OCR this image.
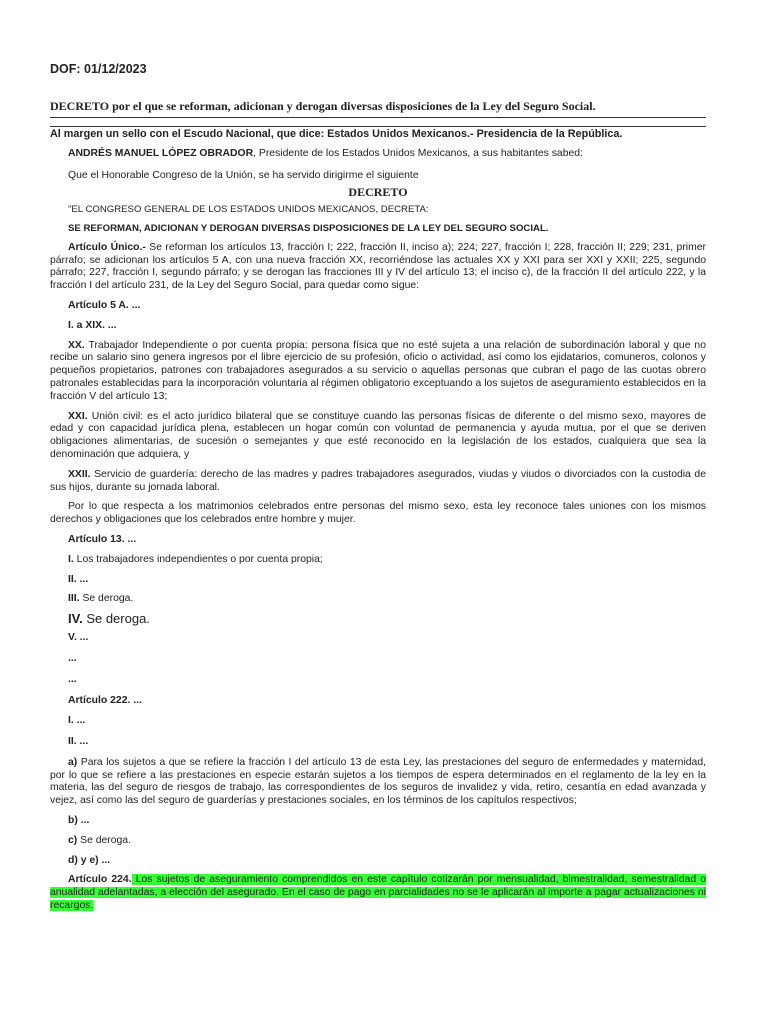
DOF: 01/12/2023
DECRETO por el que se reforman, adicionan y derogan diversas disposiciones de la Ley del Seguro Social.

Al margen un sello con el Escudo Nacional, que dice: Estados Unidos Mexicanos.- Presidencia de la República.

ANDRÉS MANUEL LÓPEZ OBRADOR, Presidente de los Estados Unidos Mexicanos, a sus habitantes sabed:

Que el Honorable Congreso de la Unión, se ha servido dirigirme el siguiente

DECRETO

"EL CONGRESO GENERAL DE LOS ESTADOS UNIDOS MEXICANOS, DECRETA:

SE REFORMAN, ADICIONAN Y DEROGAN DIVERSAS DISPOSICIONES DE LA LEY DEL SEGURO SOCIAL.

Artículo Único.- Se reforman los artículos 13, fracción I; 222, fracción II, inciso a); 224; 227, fracción I; 228, fracción II; 229; 231, primer párrafo; se adicionan los artículos 5 A, con una nueva fracción XX, recorriéndose las actuales XX y XXI para ser XXI y XXII; 225, segundo párrafo; 227, fracción I, segundo párrafo; y se derogan las fracciones III y IV del artículo 13; el inciso c), de la fracción II del artículo 222, y la fracción I del artículo 231, de la Ley del Seguro Social, para quedar como sigue:

Artículo 5 A. ...

I. a XIX. ...

XX. Trabajador Independiente o por cuenta propia: persona física que no esté sujeta a una relación de subordinación laboral y que no recibe un salario sino genera ingresos por el libre ejercicio de su profesión, oficio o actividad, así como los ejidatarios, comuneros, colonos y pequeños propietarios, patrones con trabajadores asegurados a su servicio o aquellas personas que cubran el pago de las cuotas obrero patronales establecidas para la incorporación voluntaria al régimen obligatorio exceptuando a los sujetos de aseguramiento establecidos en la fracción V del artículo 13;

XXI. Unión civil: es el acto jurídico bilateral que se constituye cuando las personas físicas de diferente o del mismo sexo, mayores de edad y con capacidad jurídica plena, establecen un hogar común con voluntad de permanencia y ayuda mutua, por el que se deriven obligaciones alimentarias, de sucesión o semejantes y que esté reconocido en la legislación de los estados, cualquiera que sea la denominación que adquiera, y

XXII. Servicio de guardería: derecho de las madres y padres trabajadores asegurados, viudas y viudos o divorciados con la custodia de sus hijos, durante su jornada laboral.

Por lo que respecta a los matrimonios celebrados entre personas del mismo sexo, esta ley reconoce tales uniones con los mismos derechos y obligaciones que los celebrados entre hombre y mujer.

Artículo 13. ...

I. Los trabajadores independientes o por cuenta propia;

II. ...

III. Se deroga.

IV. Se deroga.

V. ...

...

...

Artículo 222. ...

I. ...

II. ...

a) Para los sujetos a que se refiere la fracción I del artículo 13 de esta Ley, las prestaciones del seguro de enfermedades y maternidad, por lo que se refiere a las prestaciones en especie estarán sujetos a los tiempos de espera determinados en el reglamento de la ley en la materia, las del seguro de riesgos de trabajo, las correspondientes de los seguros de invalidez y vida, retiro, cesantía en edad avanzada y vejez, así como las del seguro de guarderías y prestaciones sociales, en los términos de los capítulos respectivos;

b) ...

c) Se deroga.

d) y e) ...

Artículo 224. Los sujetos de aseguramiento comprendidos en este capítulo cotizarán por mensualidad, bimestralidad, semestralidad o anualidad adelantadas, a elección del asegurado. En el caso de pago en parcialidades no se le aplicarán al importe a pagar actualizaciones ni recargos.
